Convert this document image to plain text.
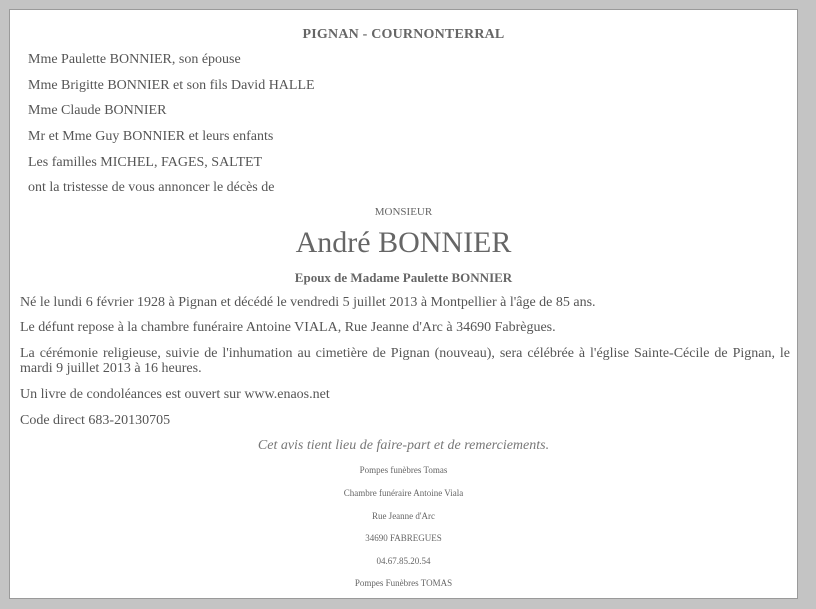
PIGNAN - COURNONTERRAL
Mme Paulette BONNIER, son épouse
Mme Brigitte BONNIER et son fils David HALLE
Mme Claude BONNIER
Mr et Mme Guy BONNIER et leurs enfants
Les familles MICHEL, FAGES, SALTET
ont la tristesse de vous annoncer le décès de
MONSIEUR
André BONNIER
Epoux de Madame Paulette BONNIER
Né le lundi 6 février 1928 à Pignan et décédé le vendredi 5 juillet 2013 à Montpellier à l'âge de 85 ans.
Le défunt repose à la chambre funéraire Antoine VIALA, Rue Jeanne d'Arc à 34690 Fabrègues.
La cérémonie religieuse, suivie de l'inhumation au cimetière de Pignan (nouveau), sera célébrée à l'église Sainte-Cécile de Pignan, le mardi 9 juillet 2013 à 16 heures.
Un livre de condoléances est ouvert sur www.enaos.net
Code direct 683-20130705
Cet avis tient lieu de faire-part et de remerciements.
Pompes funèbres Tomas
Chambre funéraire Antoine Viala
Rue Jeanne d'Arc
34690 FABREGUES
04.67.85.20.54
Pompes Funèbres TOMAS
